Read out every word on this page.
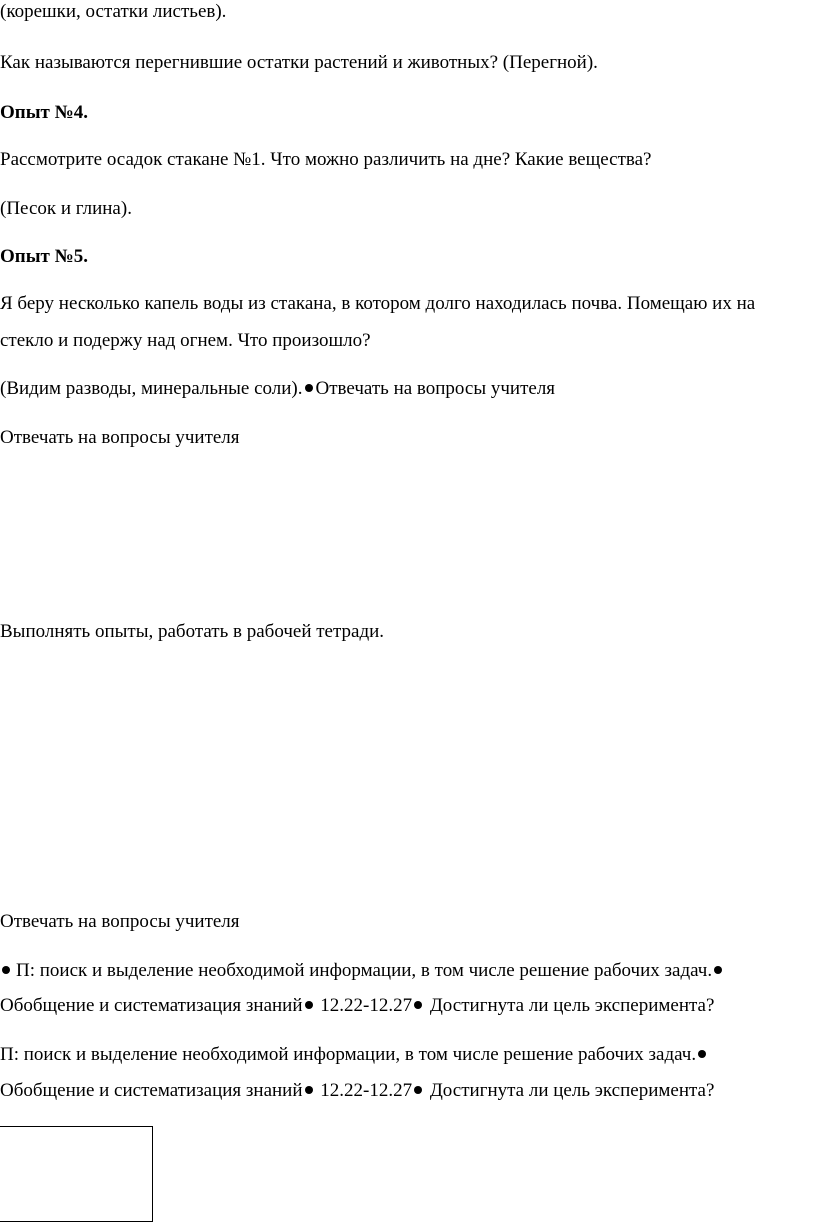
(корешки, остатки листьев).
Как называются перегнившие остатки растений и животных? (Перегной).
Опыт №4.
Рассмотрите осадок стакане №1. Что можно различить на дне? Какие вещества?
(Песок и глина).
Опыт №5.
Я беру несколько капель воды из стакана, в котором долго находилась почва. Помещаю их на
стекло и подержу над огнем. Что произошло?
(Видим разводы, минеральные соли). Отвечать на вопросы учителя
Отвечать на вопросы учителя
Выполнять опыты, работать в рабочей тетради.
Отвечать на вопросы учителя
П: поиск и выделение необходимой информации, в том числе решение рабочих задач.
Обобщение и систематизация знаний 12.22-12.27 Достигнута ли цель эксперимента?
П: поиск и выделение необходимой информации, в том числе решение рабочих задач.
Обобщение и систематизация знаний 12.22-12.27 Достигнута ли цель эксперимента?
